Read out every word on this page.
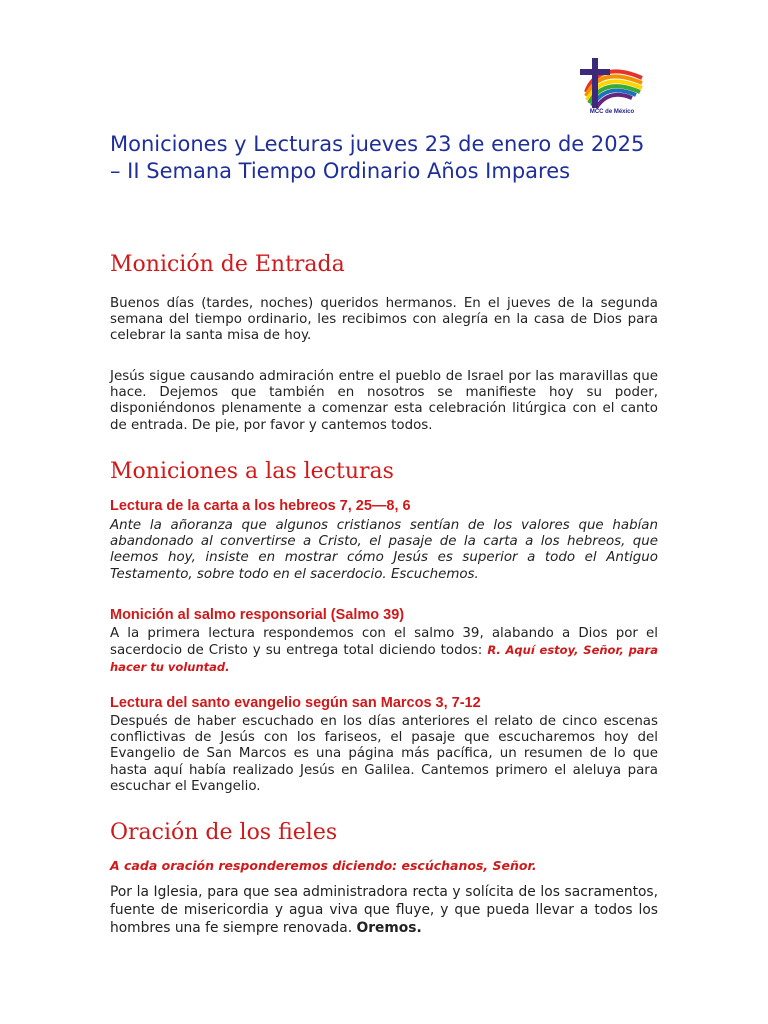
MCC de México
Moniciones y Lecturas jueves 23 de enero de 2025 – II Semana Tiempo Ordinario Años Impares
Monición de Entrada

Buenos días (tardes, noches) queridos hermanos. En el jueves de la segunda semana del tiempo ordinario, les recibimos con alegría en la casa de Dios para celebrar la santa misa de hoy.

Jesús sigue causando admiración entre el pueblo de Israel por las maravillas que hace. Dejemos que también en nosotros se manifieste hoy su poder, disponiéndonos plenamente a comenzar esta celebración litúrgica con el canto de entrada. De pie, por favor y cantemos todos.

Moniciones a las lecturas

Lectura de la carta a los hebreos 7, 25—8, 6

Ante la añoranza que algunos cristianos sentían de los valores que habían abandonado al convertirse a Cristo, el pasaje de la carta a los hebreos, que leemos hoy, insiste en mostrar cómo Jesús es superior a todo el Antiguo Testamento, sobre todo en el sacerdocio. Escuchemos.

Monición al salmo responsorial (Salmo 39)

A la primera lectura respondemos con el salmo 39, alabando a Dios por el sacerdocio de Cristo y su entrega total diciendo todos: R. Aquí estoy, Señor, para hacer tu voluntad.

Lectura del santo evangelio según san Marcos 3, 7-12

Después de haber escuchado en los días anteriores el relato de cinco escenas conflictivas de Jesús con los fariseos, el pasaje que escucharemos hoy del Evangelio de San Marcos es una página más pacífica, un resumen de lo que hasta aquí había realizado Jesús en Galilea. Cantemos primero el aleluya para escuchar el Evangelio.

Oración de los fieles

A cada oración responderemos diciendo: escúchanos, Señor.

Por la Iglesia, para que sea administradora recta y solícita de los sacramentos, fuente de misericordia y agua viva que fluye, y que pueda llevar a todos los hombres una fe siempre renovada. Oremos.
